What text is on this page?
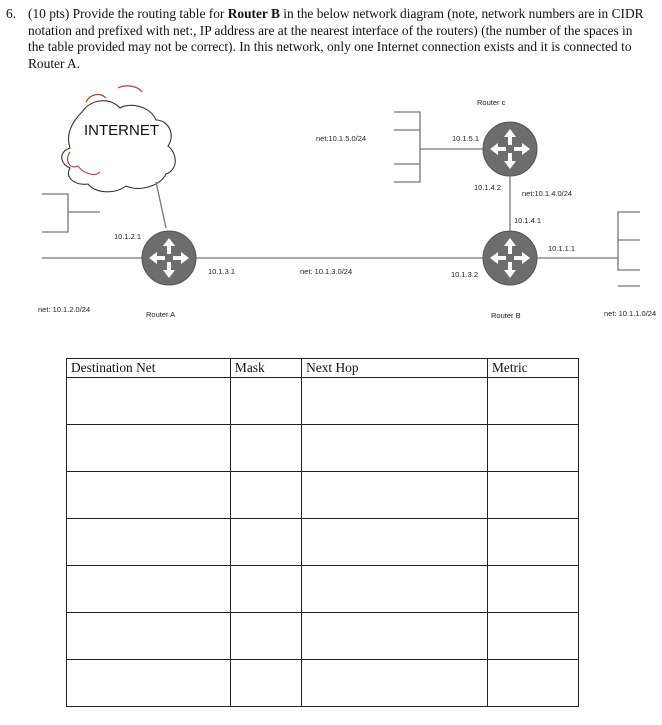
6. (10 pts) Provide the routing table for Router B in the below network diagram (note, network numbers are in CIDR notation and prefixed with net:, IP address are at the nearest interface of the routers) (the number of the spaces in the table provided may not be correct). In this network, only one Internet connection exists and it is connected to Router A.
INTERNET
Router c
net:10.1.5.0/24	10.1.5.1
10.1.4.2
net:10.1.4.0/24
10.1.4.1
10.1.1.1
10.1.2.1
10.1.3.1	net: 10.1.3.0/24	10.1.3.2
net: 10.1.2.0/24
Router A	Router B	net: 10.1.1.0/24
Destination Net	Mask	Next Hop	Metric
